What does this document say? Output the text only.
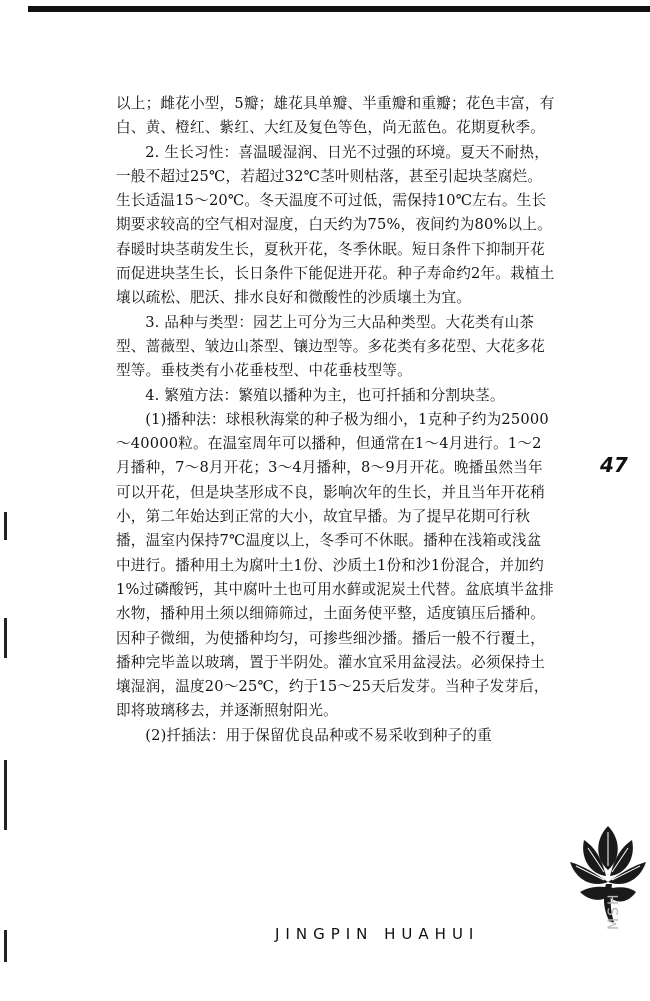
以上；雌花小型，5瓣；雄花具单瓣、半重瓣和重瓣；花色丰富，有白、黄、橙红、紫红、大红及复色等色，尚无蓝色。花期夏秋季。

2. 生长习性：喜温暖湿润、日光不过强的环境。夏天不耐热，一般不超过25℃，若超过32℃茎叶则枯落，甚至引起块茎腐烂。生长适温15～20℃。冬天温度不可过低，需保持10℃左右。生长期要求较高的空气相对湿度，白天约为75%，夜间约为80%以上。春暖时块茎萌发生长，夏秋开花，冬季休眠。短日条件下抑制开花而促进块茎生长，长日条件下能促进开花。种子寿命约2年。栽植土壤以疏松、肥沃、排水良好和微酸性的沙质壤土为宜。

3. 品种与类型：园艺上可分为三大品种类型。大花类有山茶型、蔷薇型、皱边山茶型、镶边型等。多花类有多花型、大花多花型等。垂枝类有小花垂枝型、中花垂枝型等。

4. 繁殖方法：繁殖以播种为主，也可扦插和分割块茎。

(1)播种法：球根秋海棠的种子极为细小，1克种子约为25000～40000粒。在温室周年可以播种，但通常在1～4月进行。1～2月播种，7～8月开花；3～4月播种，8～9月开花。晚播虽然当年可以开花，但是块茎形成不良，影响次年的生长，并且当年开花稍小，第二年始达到正常的大小，故宜早播。为了提早花期可行秋播，温室内保持7℃温度以上，冬季可不休眠。播种在浅箱或浅盆中进行。播种用土为腐叶土1份、沙质土1份和沙1份混合，并加约1%过磷酸钙，其中腐叶土也可用水藓或泥炭土代替。盆底填半盆排水物，播种用土须以细筛筛过，土面务使平整，适度镇压后播种。因种子微细，为使播种均匀，可掺些细沙播。播后一般不行覆土，播种完毕盖以玻璃，置于半阴处。灌水宜采用盆浸法。必须保持土壤湿润，温度20～25℃，约于15～25天后发芽。当种子发芽后，即将玻璃移去，并逐渐照射阳光。

(2)扦插法：用于保留优良品种或不易采收到种子的重

47
JINGPIN HUAHUI
MSH
